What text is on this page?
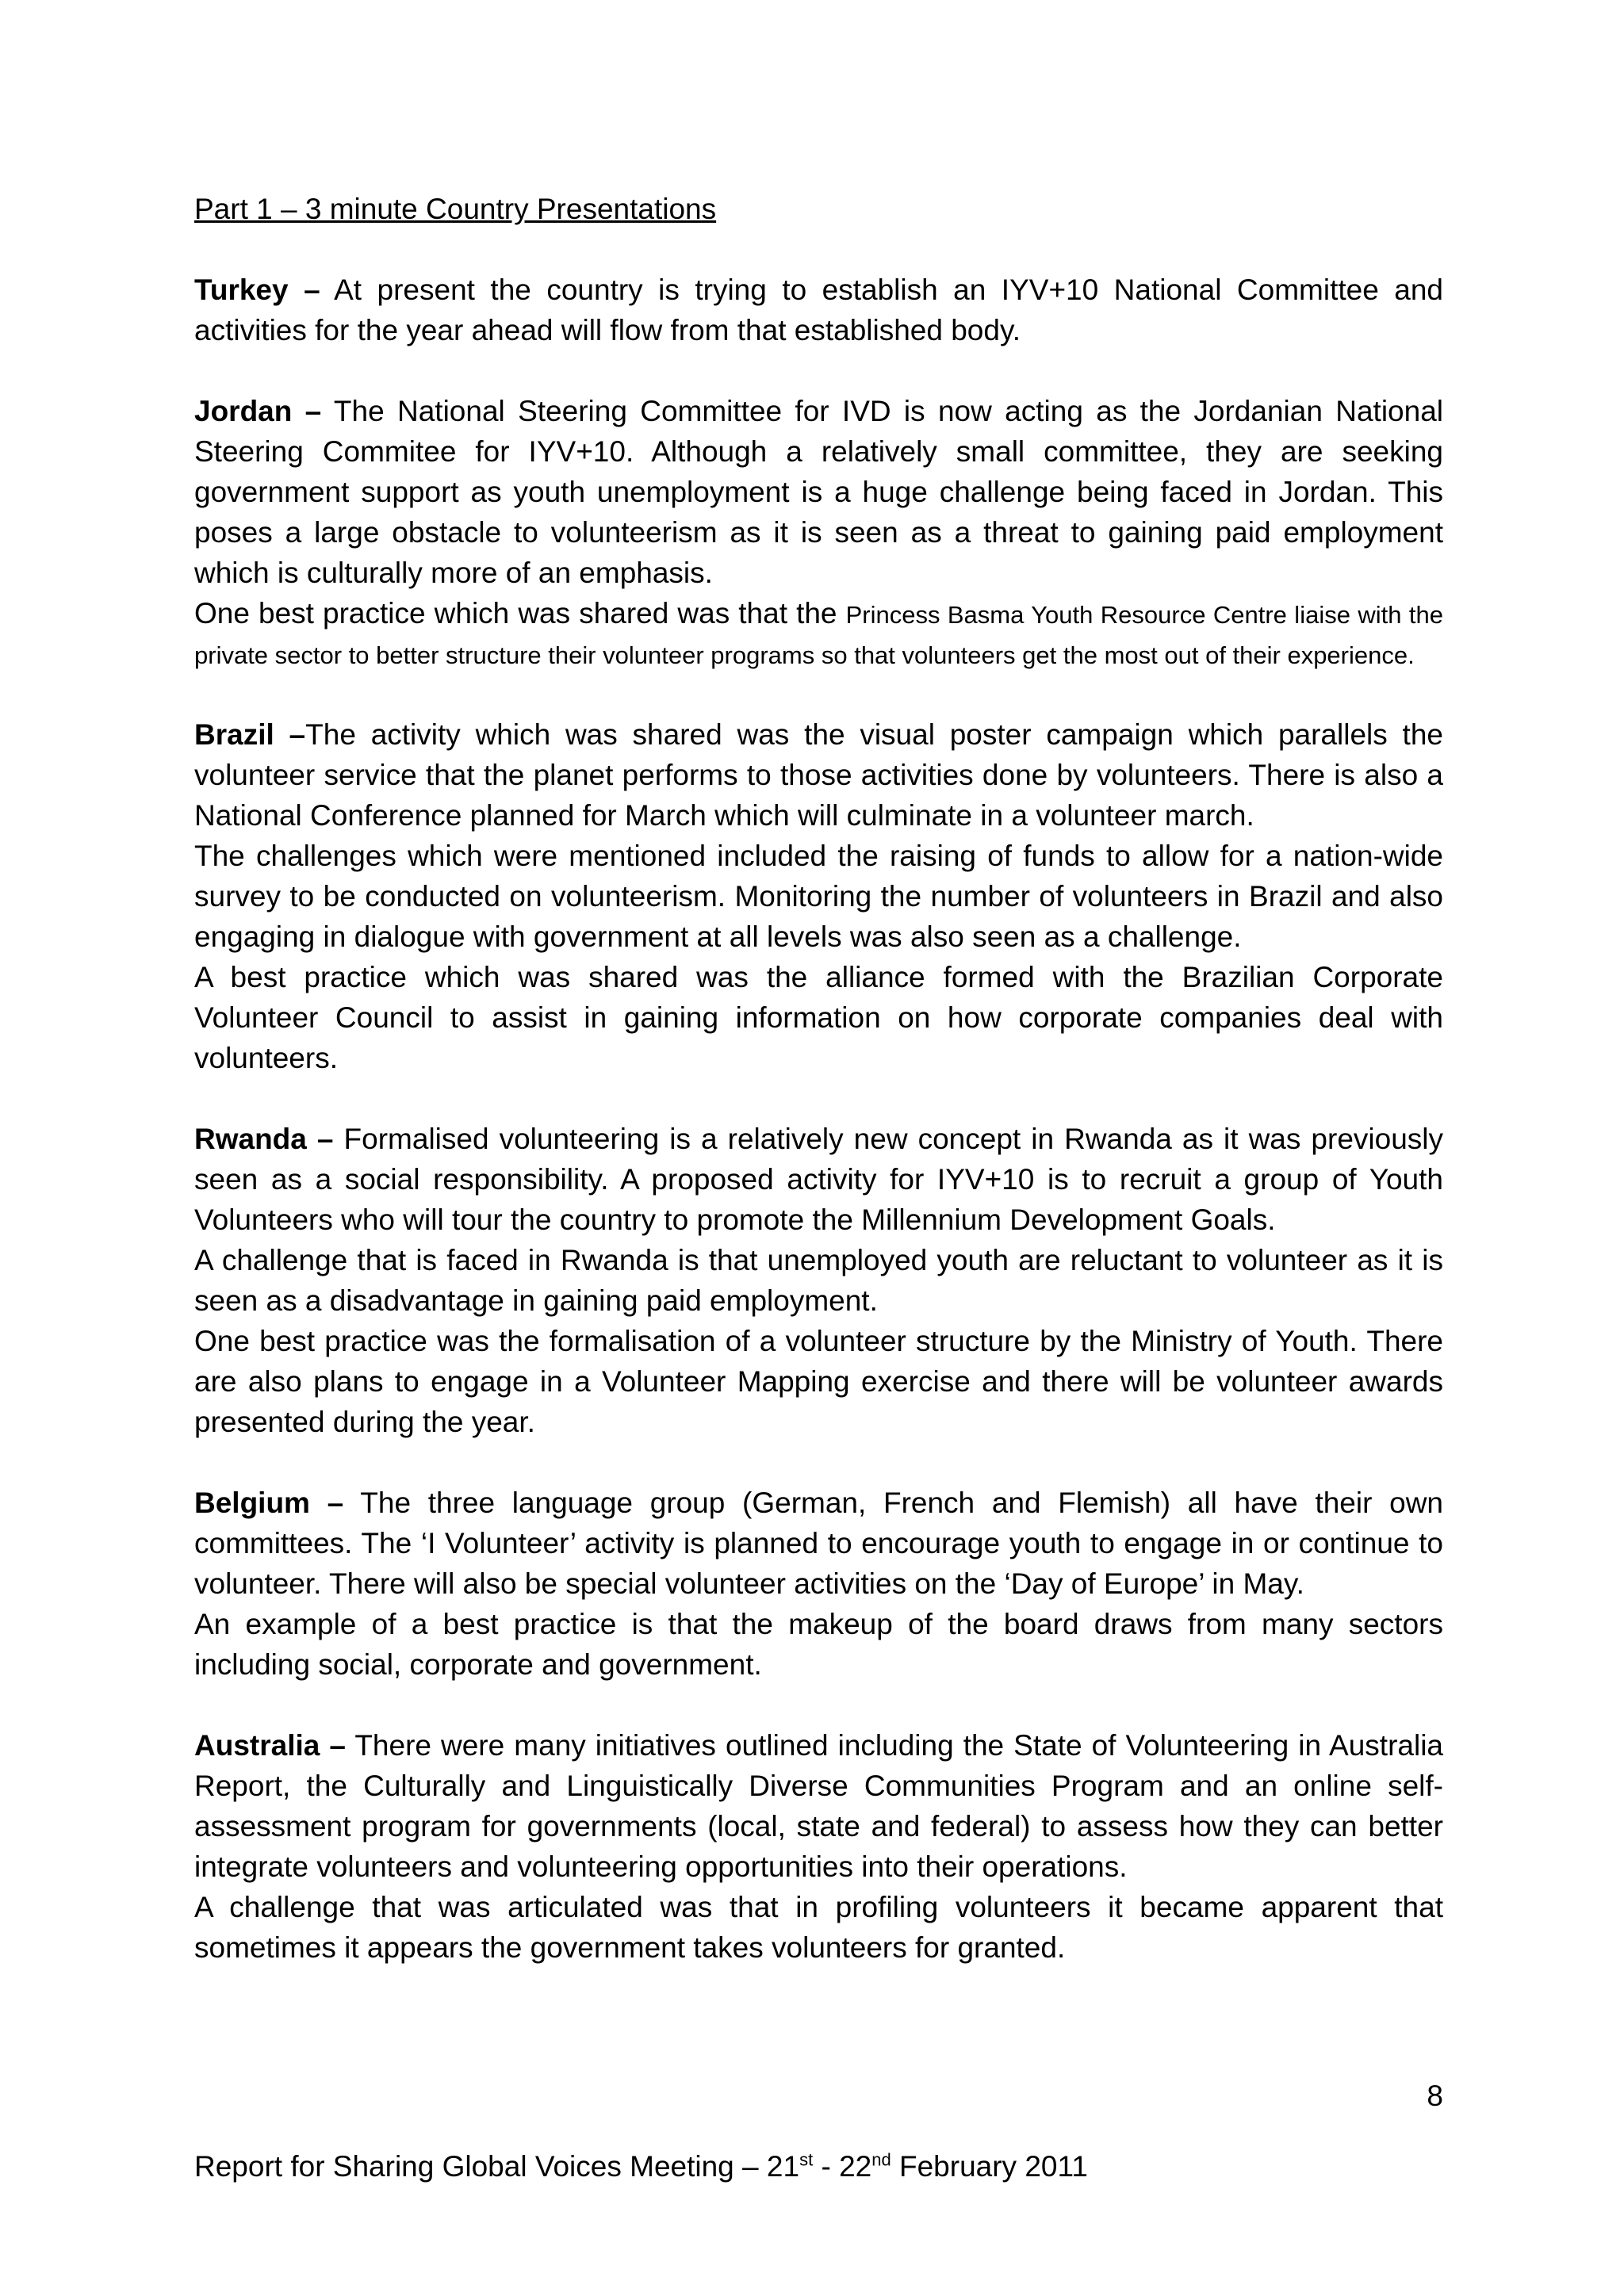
Part 1 – 3 minute Country Presentations

Turkey – At present the country is trying to establish an IYV+10 National Committee and activities for the year ahead will flow from that established body.

Jordan – The National Steering Committee for IVD is now acting as the Jordanian National Steering Commitee for IYV+10. Although a relatively small committee, they are seeking government support as youth unemployment is a huge challenge being faced in Jordan. This poses a large obstacle to volunteerism as it is seen as a threat to gaining paid employment which is culturally more of an emphasis.

One best practice which was shared was that the Princess Basma Youth Resource Centre liaise with the private sector to better structure their volunteer programs so that volunteers get the most out of their experience.

Brazil –The activity which was shared was the visual poster campaign which parallels the volunteer service that the planet performs to those activities done by volunteers. There is also a National Conference planned for March which will culminate in a volunteer march.

The challenges which were mentioned included the raising of funds to allow for a nation-wide survey to be conducted on volunteerism. Monitoring the number of volunteers in Brazil and also engaging in dialogue with government at all levels was also seen as a challenge.

A best practice which was shared was the alliance formed with the Brazilian Corporate Volunteer Council to assist in gaining information on how corporate companies deal with volunteers.

Rwanda – Formalised volunteering is a relatively new concept in Rwanda as it was previously seen as a social responsibility. A proposed activity for IYV+10 is to recruit a group of Youth Volunteers who will tour the country to promote the Millennium Development Goals.

A challenge that is faced in Rwanda is that unemployed youth are reluctant to volunteer as it is seen as a disadvantage in gaining paid employment.

One best practice was the formalisation of a volunteer structure by the Ministry of Youth. There are also plans to engage in a Volunteer Mapping exercise and there will be volunteer awards presented during the year.

Belgium – The three language group (German, French and Flemish) all have their own committees. The ‘I Volunteer’ activity is planned to encourage youth to engage in or continue to volunteer. There will also be special volunteer activities on the ‘Day of Europe’ in May.

An example of a best practice is that the makeup of the board draws from many sectors including social, corporate and government.

Australia – There were many initiatives outlined including the State of Volunteering in Australia Report, the Culturally and Linguistically Diverse Communities Program and an online self-assessment program for governments (local, state and federal) to assess how they can better integrate volunteers and volunteering opportunities into their operations.

A challenge that was articulated was that in profiling volunteers it became apparent that sometimes it appears the government takes volunteers for granted.

8
Report for Sharing Global Voices Meeting – 21st - 22nd February 2011
